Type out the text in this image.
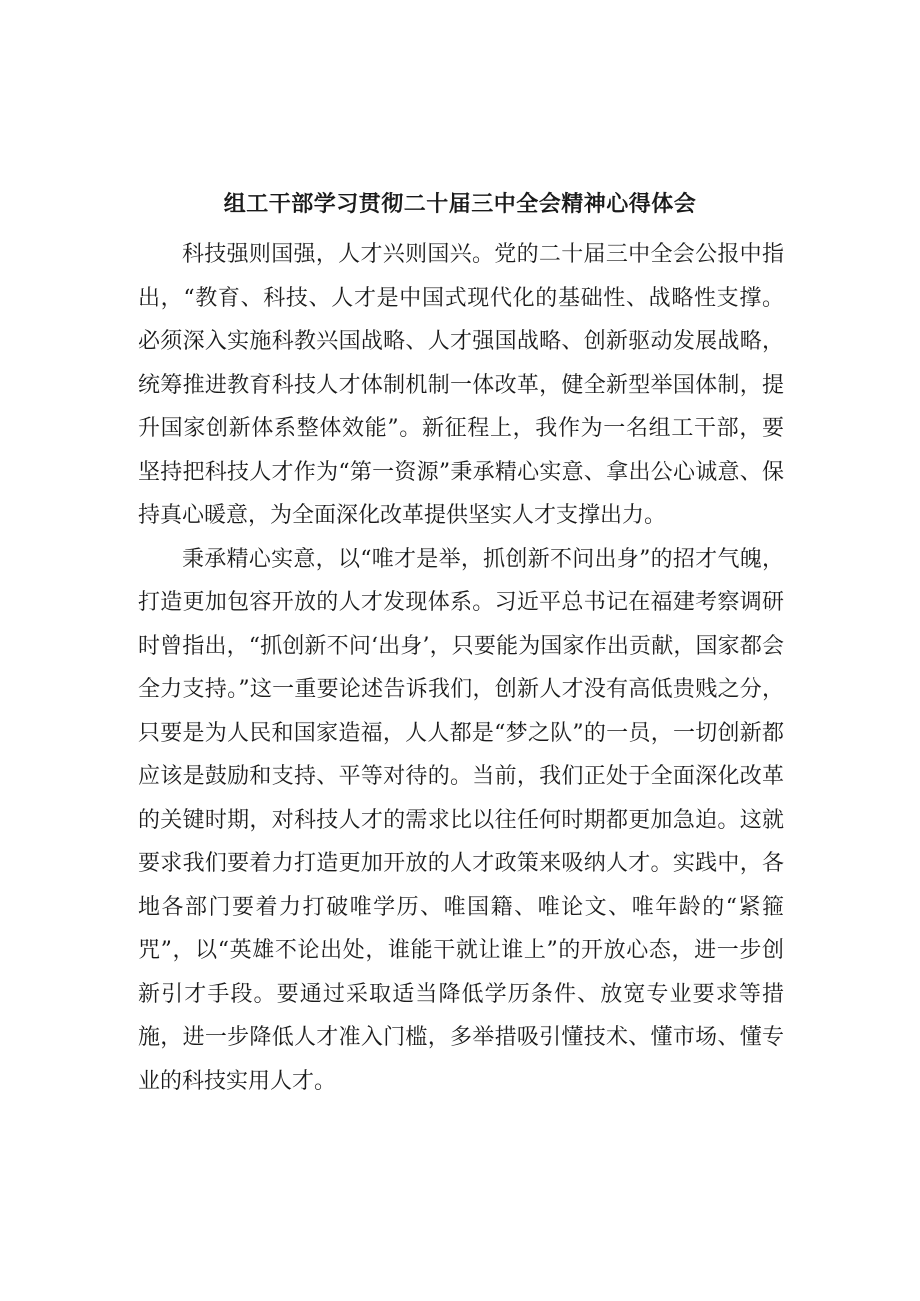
组工干部学习贯彻二十届三中全会精神心得体会

科技强则国强，人才兴则国兴。党的二十届三中全会公报中指出，“教育、科技、人才是中国式现代化的基础性、战略性支撑。必须深入实施科教兴国战略、人才强国战略、创新驱动发展战略，统筹推进教育科技人才体制机制一体改革，健全新型举国体制，提升国家创新体系整体效能”。新征程上，我作为一名组工干部，要坚持把科技人才作为“第一资源”秉承精心实意、拿出公心诚意、保持真心暖意，为全面深化改革提供坚实人才支撑出力。

秉承精心实意，以“唯才是举，抓创新不问出身”的招才气魄，打造更加包容开放的人才发现体系。习近平总书记在福建考察调研时曾指出，“抓创新不问‘出身’，只要能为国家作出贡献，国家都会全力支持。”这一重要论述告诉我们，创新人才没有高低贵贱之分，只要是为人民和国家造福，人人都是“梦之队”的一员，一切创新都应该是鼓励和支持、平等对待的。当前，我们正处于全面深化改革的关键时期，对科技人才的需求比以往任何时期都更加急迫。这就要求我们要着力打造更加开放的人才政策来吸纳人才。实践中，各地各部门要着力打破唯学历、唯国籍、唯论文、唯年龄的“紧箍咒”，以“英雄不论出处，谁能干就让谁上”的开放心态，进一步创新引才手段。要通过采取适当降低学历条件、放宽专业要求等措施，进一步降低人才准入门槛，多举措吸引懂技术、懂市场、懂专业的科技实用人才。
